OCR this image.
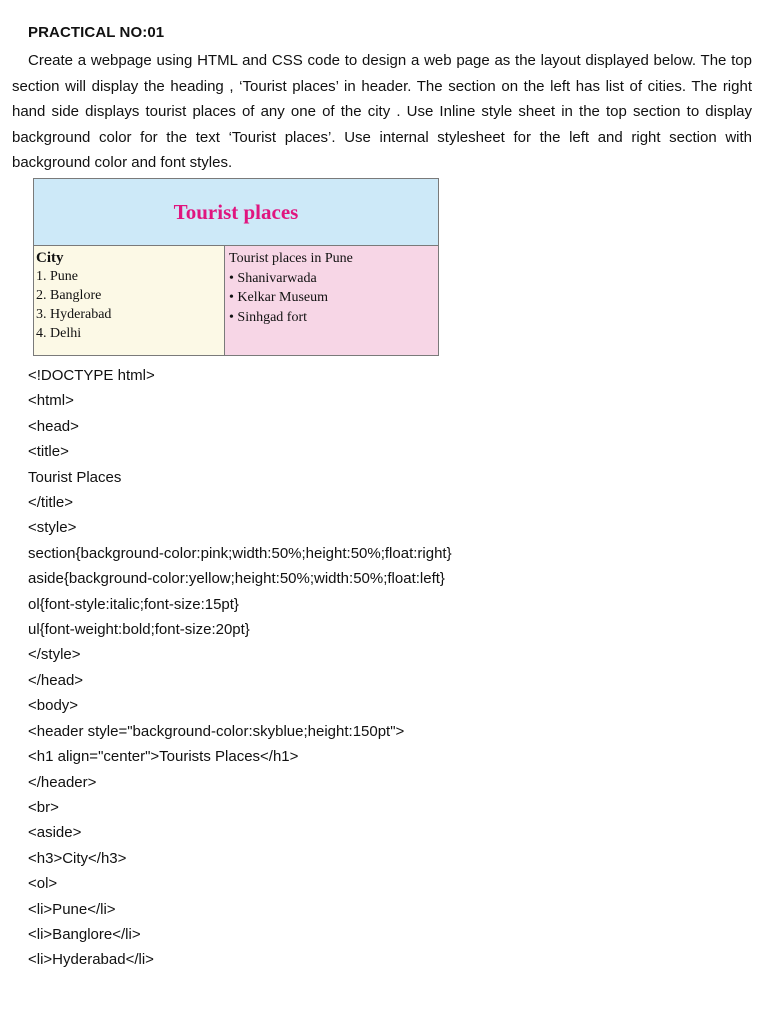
PRACTICAL NO:01

Create a webpage using HTML and CSS code to design a web page as the layout displayed below. The top section will display the heading , ‘Tourist places’ in header. The section on the left has list of cities. The right hand side displays tourist places of any one of the city . Use Inline style sheet in the top section to display background color for the text ‘Tourist places’. Use internal stylesheet for the left and right section with background color and font styles.

Tourist places
City
1. Pune
2. Banglore
3. Hyderabad
4. Delhi
Tourist places in Pune
• Shanivarwada
• Kelkar Museum
• Sinhgad fort
<!DOCTYPE html>
<html>
<head>
<title>
Tourist Places
</title>
<style>
section{background-color:pink;width:50%;height:50%;float:right}
aside{background-color:yellow;height:50%;width:50%;float:left}
ol{font-style:italic;font-size:15pt}
ul{font-weight:bold;font-size:20pt}
</style>
</head>
<body>
<header style="background-color:skyblue;height:150pt">
<h1 align="center">Tourists Places</h1>
</header>
<br>
<aside>
<h3>City</h3>
<ol>
<li>Pune</li>
<li>Banglore</li>
<li>Hyderabad</li>
